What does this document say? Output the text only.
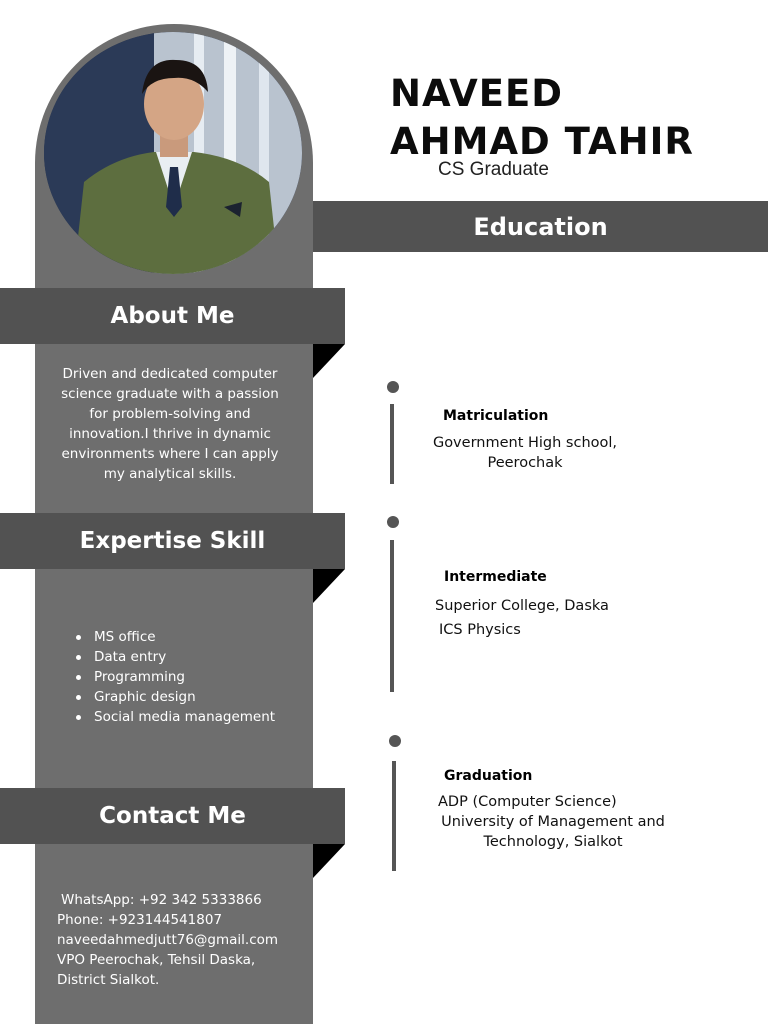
NAVEED
AHMAD TAHIR
CS Graduate
Education
About Me
Driven and dedicated computer
science graduate with a passion
for problem-solving and
innovation.I thrive in dynamic
environments where I can apply
my analytical skills.
Expertise Skill
MS office
Data entry
Programming
Graphic design
Social media management
Contact Me
WhatsApp: +92 342 5333866
Phone: +923144541807
naveedahmedjutt76@gmail.com
VPO Peerochak, Tehsil Daska,
District Sialkot.
Matriculation
Government High school,
Peerochak
Intermediate
Superior College, Daska
ICS Physics
Graduation
ADP (Computer Science)
University of Management and
Technology, Sialkot
